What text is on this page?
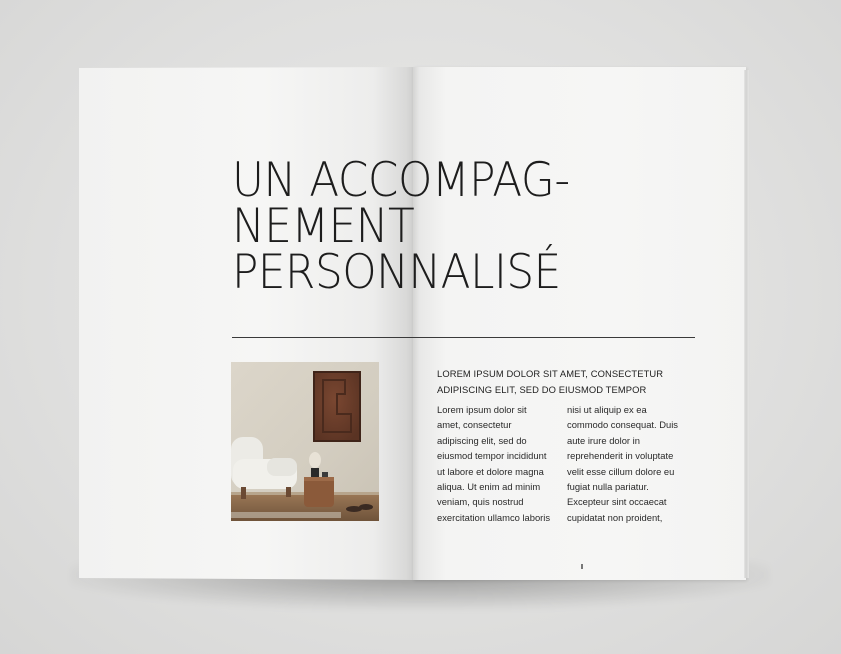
UN ACCOMPAG-
NEMENT
PERSONNALISÉ
LOREM IPSUM DOLOR SIT AMET, CONSECTETUR
ADIPISCING ELIT, SED DO EIUSMOD TEMPOR
Lorem ipsum dolor sit
amet, consectetur
adipiscing elit, sed do
eiusmod tempor incididunt
ut labore et dolore magna
aliqua. Ut enim ad minim
veniam, quis nostrud
exercitation ullamco laboris
nisi ut aliquip ex ea
commodo consequat. Duis
aute irure dolor in
reprehenderit in voluptate
velit esse cillum dolore eu
fugiat nulla pariatur.
Excepteur sint occaecat
cupidatat non proident,
